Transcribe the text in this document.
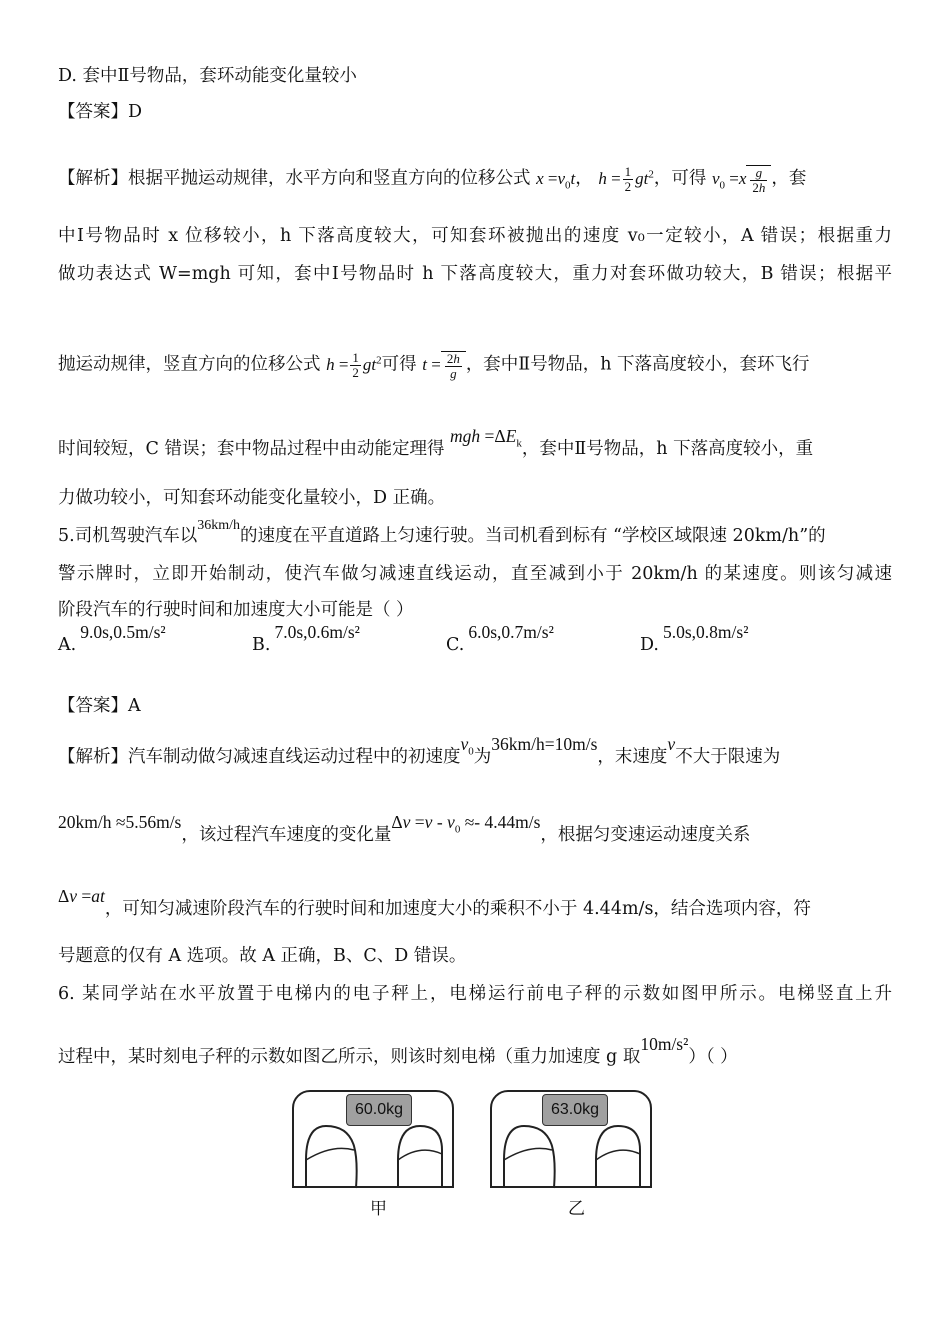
D. 套中Ⅱ号物品，套环动能变化量较小
【答案】D
【解析】根据平抛运动规律，水平方向和竖直方向的位移公式 $x =v_0t$， $h = \frac{1}{2} gt^2$，可得 $v_0 =x \frac{g}{2h}$ ，套
中Ⅰ号物品时 x 位移较小，h 下落高度较大，可知套环被抛出的速度 v₀一定较小，A 错误；根据重力
做功表达式 W=mgh 可知，套中Ⅰ号物品时 h 下落高度较大，重力对套环做功较大，B 错误；根据平
抛运动规律，竖直方向的位移公式 $h = \frac{1}{2} gt^2$可得 $t = \frac{2h}{g}$ ，套中Ⅱ号物品，h 下落高度较小，套环飞行
时间较短，C 错误；套中物品过程中由动能定理得 mgh $=\Delta E_k$，套中Ⅱ号物品，h 下落高度较小，重
力做功较小，可知套环动能变化量较小，D 正确。
5.司机驾驶汽车以$^{36km/h}$的速度在平直道路上匀速行驶。当司机看到标有 “学校区域限速 20km/h”的
警示牌时，立即开始制动，使汽车做匀减速直线运动，直至减到小于 20km/h 的某速度。则该匀减速
阶段汽车的行驶时间和加速度大小可能是（ ）
A.9.0s,0.5m/s²
B.7.0s,0.6m/s²
C.6.0s,0.7m/s²
D.5.0s,0.8m/s²
【答案】A
【解析】汽车制动做匀减速直线运动过程中的初速度$v_0$为36km/h=10m/s，末速度v不大于限速为
20km/h ≈5.56m/s，该过程汽车速度的变化量$\Delta v =v - v_0 \approx- 4.44m/s$，根据匀变速运动速度关系
Δv =at，可知匀减速阶段汽车的行驶时间和加速度大小的乘积不小于 4.44m/s，结合选项内容，符
号题意的仅有 A 选项。故 A 正确，B、C、D 错误。
6. 某同学站在水平放置于电梯内的电子秤上，电梯运行前电子秤的示数如图甲所示。电梯竖直上升
过程中，某时刻电子秤的示数如图乙所示，则该时刻电梯（重力加速度 g 取10m/s²）（ ）
60.0kg
甲
63.0kg
乙
